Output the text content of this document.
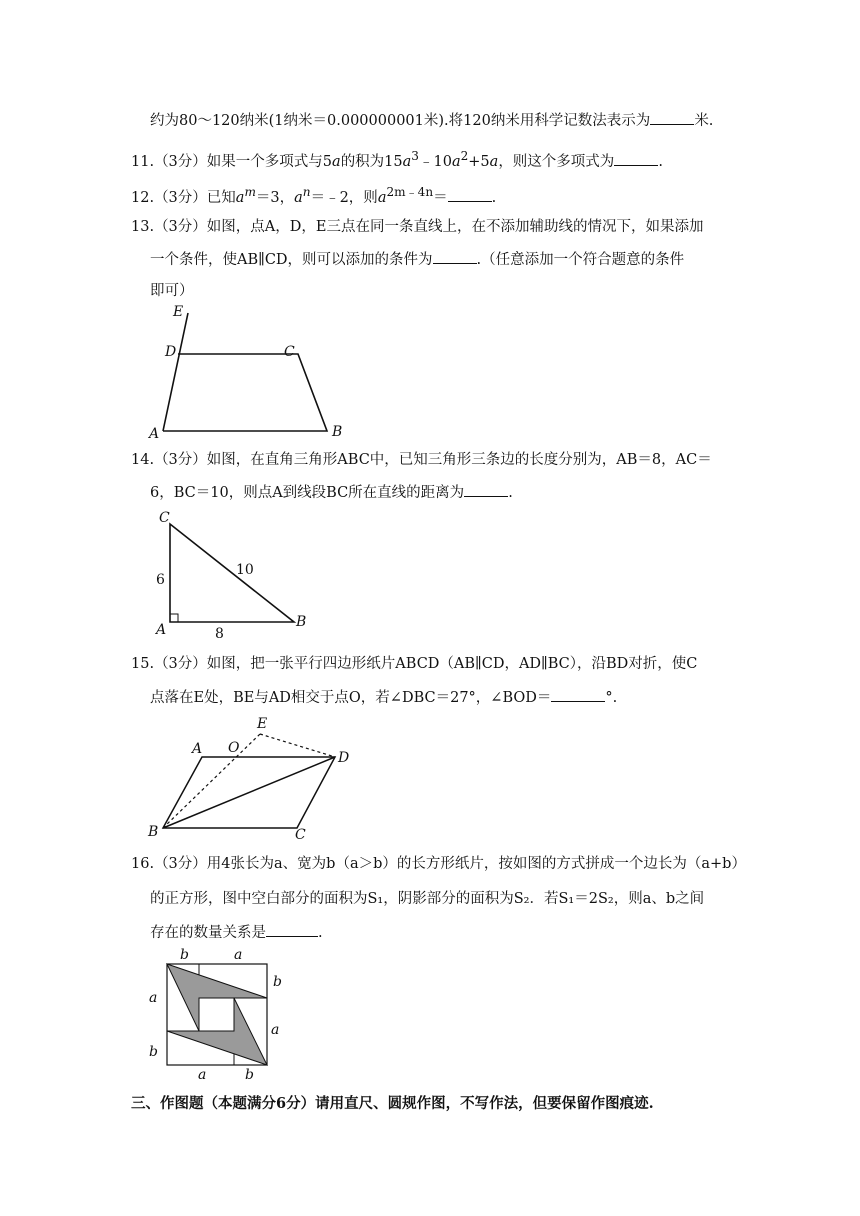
约为80～120纳米(1纳米＝0.000000001米).将120纳米用科学记数法表示为	米.
11.（3分）如果一个多项式与5a的积为$15a^3﹣10a^2+5a$，则这个多项式为	.
12.（3分）已知$a^m=3$，$a^n=﹣2$，则$a^{2m﹣4n}=$	.
13.（3分）如图，点A，D，E三点在同一条直线上，在不添加辅助线的情况下，如果添加
一个条件，使AB∥CD，则可以添加的条件为	.（任意添加一个符合题意的条件
即可）
E
D	C
A	B
14.（3分）如图，在直角三角形ABC中，已知三角形三条边的长度分别为，AB＝8，AC＝
6，BC＝10，则点A到线段BC所在直线的距离为	.
C
A	B
6
10
8
15.（3分）如图，把一张平行四边形纸片ABCD（AB∥CD，AD∥BC），沿BD对折，使C
点落在E处，BE与AD相交于点O，若∠DBC＝27°，∠BOD＝	°.
E
A O
D
B	C
16.（3分）用4张长为a、宽为b（a＞b）的长方形纸片，按如图的方式拼成一个边长为（a+b）
的正方形，图中空白部分的面积为S₁，阴影部分的面积为S₂．若S₁＝2S₂，则a、b之间
存在的数量关系是	.
b	a
b
a
a
b
a	b
三、作图题（本题满分6分）请用直尺、圆规作图，不写作法，但要保留作图痕迹.
